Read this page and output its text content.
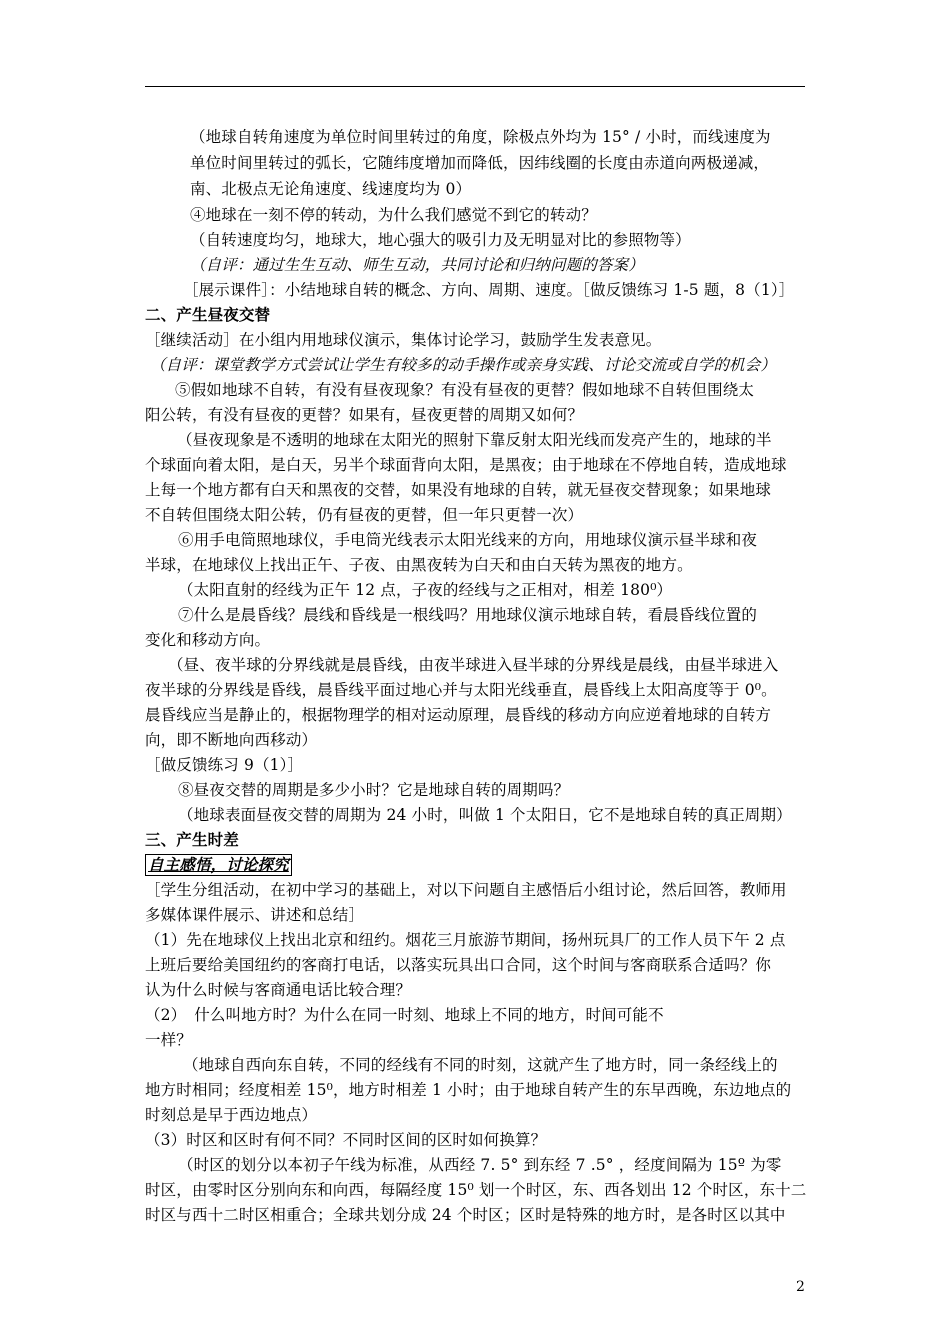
（地球自转角速度为单位时间里转过的角度，除极点外均为 15° / 小时，而线速度为
单位时间里转过的弧长，它随纬度增加而降低，因纬线圈的长度由赤道向两极递减，
南、北极点无论角速度、线速度均为 0）
④地球在一刻不停的转动，为什么我们感觉不到它的转动？
（自转速度均匀，地球大，地心强大的吸引力及无明显对比的参照物等）
（自评：通过生生互动、师生互动，共同讨论和归纳问题的答案）
［展示课件］：小结地球自转的概念、方向、周期、速度。［做反馈练习 1-5 题，8（1）］
二、产生昼夜交替
［继续活动］在小组内用地球仪演示，集体讨论学习，鼓励学生发表意见。
（自评：课堂教学方式尝试让学生有较多的动手操作或亲身实践、讨论交流或自学的机会）
⑤假如地球不自转，有没有昼夜现象？有没有昼夜的更替？假如地球不自转但围绕太
阳公转，有没有昼夜的更替？如果有，昼夜更替的周期又如何？
（昼夜现象是不透明的地球在太阳光的照射下靠反射太阳光线而发亮产生的，地球的半
个球面向着太阳，是白天，另半个球面背向太阳，是黑夜；由于地球在不停地自转，造成地球
上每一个地方都有白天和黑夜的交替，如果没有地球的自转，就无昼夜交替现象；如果地球
不自转但围绕太阳公转，仍有昼夜的更替，但一年只更替一次）
⑥用手电筒照地球仪，手电筒光线表示太阳光线来的方向，用地球仪演示昼半球和夜
半球，在地球仪上找出正午、子夜、由黑夜转为白天和由白天转为黑夜的地方。
（太阳直射的经线为正午 12 点，子夜的经线与之正相对，相差 180⁰）
⑦什么是晨昏线？晨线和昏线是一根线吗？用地球仪演示地球自转，看晨昏线位置的
变化和移动方向。
（昼、夜半球的分界线就是晨昏线，由夜半球进入昼半球的分界线是晨线，由昼半球进入
夜半球的分界线是昏线，晨昏线平面过地心并与太阳光线垂直，晨昏线上太阳高度等于 0⁰。
晨昏线应当是静止的，根据物理学的相对运动原理，晨昏线的移动方向应逆着地球的自转方
向，即不断地向西移动）
［做反馈练习 9（1）］
⑧昼夜交替的周期是多少小时？它是地球自转的周期吗？
（地球表面昼夜交替的周期为 24 小时，叫做 1 个太阳日，它不是地球自转的真正周期）
三、产生时差
自主感悟，讨论探究
［学生分组活动，在初中学习的基础上，对以下问题自主感悟后小组讨论，然后回答，教师用
多媒体课件展示、讲述和总结］
（1）先在地球仪上找出北京和纽约。烟花三月旅游节期间，扬州玩具厂的工作人员下午 2 点
上班后要给美国纽约的客商打电话，以落实玩具出口合同，这个时间与客商联系合适吗？你
认为什么时候与客商通电话比较合理？
（2）　什么叫地方时？为什么在同一时刻、地球上不同的地方，时间可能不
一样？
（地球自西向东自转，不同的经线有不同的时刻，这就产生了地方时，同一条经线上的
地方时相同；经度相差 15⁰，地方时相差 1 小时；由于地球自转产生的东早西晚，东边地点的
时刻总是早于西边地点）
（3）时区和区时有何不同？不同时区间的区时如何换算？
（时区的划分以本初子午线为标准，从西经 7. 5° 到东经 7 .5° ，经度间隔为 15º 为零
时区，由零时区分别向东和向西，每隔经度 15⁰ 划一个时区，东、西各划出 12 个时区，东十二
时区与西十二时区相重合；全球共划分成 24 个时区；区时是特殊的地方时，是各时区以其中
2
